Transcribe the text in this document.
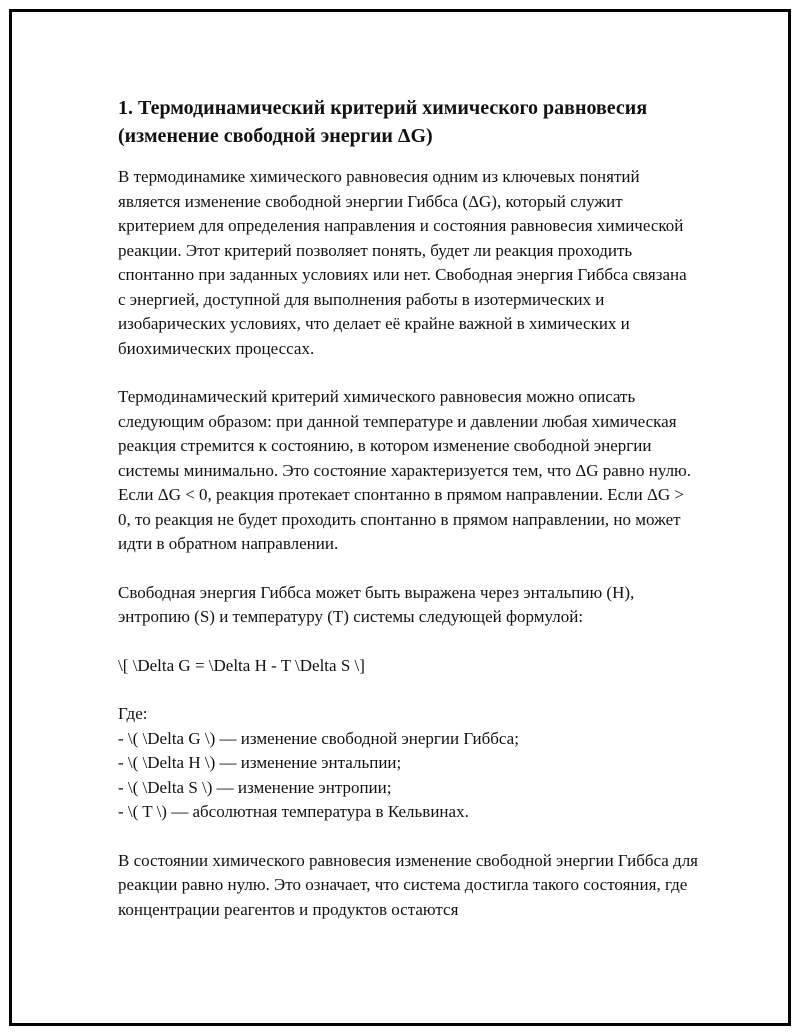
1. Термодинамический критерий химического равновесия (изменение свободной энергии ΔG)

В термодинамике химического равновесия одним из ключевых понятий является изменение свободной энергии Гиббса (ΔG), который служит критерием для определения направления и состояния равновесия химической реакции. Этот критерий позволяет понять, будет ли реакция проходить спонтанно при заданных условиях или нет. Свободная энергия Гиббса связана с энергией, доступной для выполнения работы в изотермических и изобарических условиях, что делает её крайне важной в химических и биохимических процессах.

Термодинамический критерий химического равновесия можно описать следующим образом: при данной температуре и давлении любая химическая реакция стремится к состоянию, в котором изменение свободной энергии системы минимально. Это состояние характеризуется тем, что ΔG равно нулю. Если ΔG < 0, реакция протекает спонтанно в прямом направлении. Если ΔG > 0, то реакция не будет проходить спонтанно в прямом направлении, но может идти в обратном направлении.

Свободная энергия Гиббса может быть выражена через энтальпию (H), энтропию (S) и температуру (T) системы следующей формулой:

\[ \Delta G = \Delta H - T \Delta S \]
Где:
- \( \Delta G \) — изменение свободной энергии Гиббса;
- \( \Delta H \) — изменение энтальпии;
- \( \Delta S \) — изменение энтропии;
- \( T \) — абсолютная температура в Кельвинах.

В состоянии химического равновесия изменение свободной энергии Гиббса для реакции равно нулю. Это означает, что система достигла такого состояния, где концентрации реагентов и продуктов остаются
